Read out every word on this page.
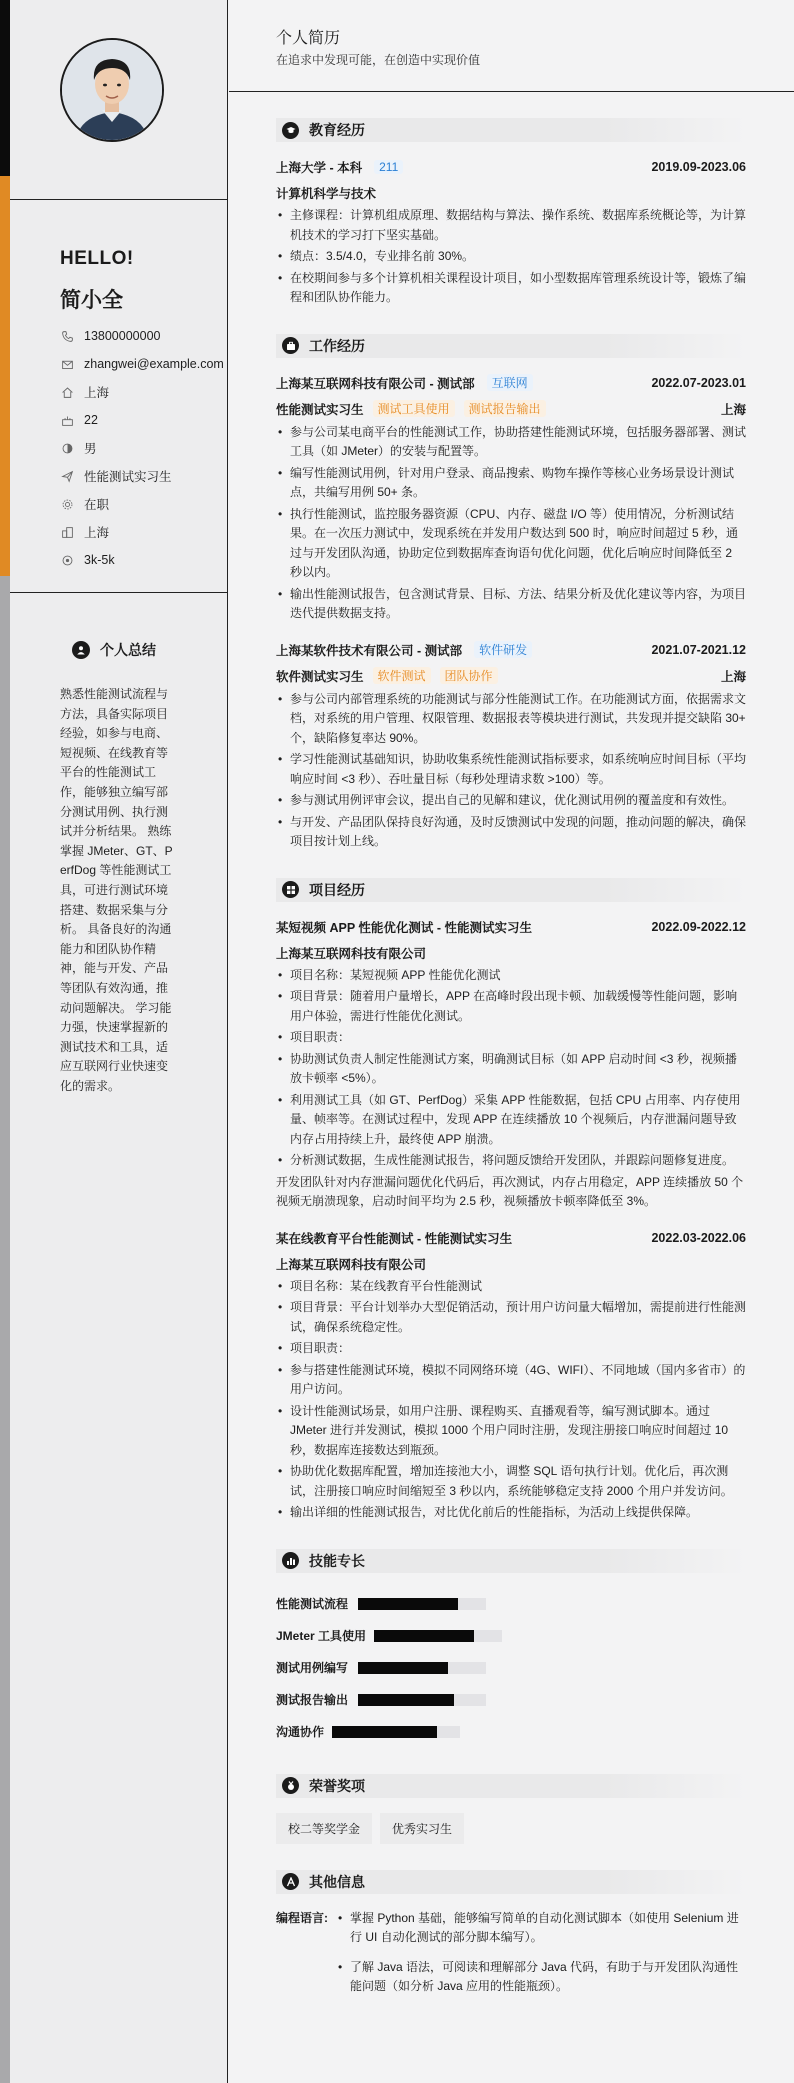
HELLO!
简小全
13800000000
zhangwei@example.com
上海
22
男
性能测试实习生
在职
上海
3k-5k
个人总结
熟悉性能测试流程与方法，具备实际项目经验，如参与电商、短视频、在线教育等平台的性能测试工作，能够独立编写部分测试用例、执行测试并分析结果。 熟练掌握 JMeter、GT、PerfDog 等性能测试工具，可进行测试环境搭建、数据采集与分析。 具备良好的沟通能力和团队协作精神，能与开发、产品等团队有效沟通，推动问题解决。 学习能力强，快速掌握新的测试技术和工具，适应互联网行业快速变化的需求。
个人简历
在追求中发现可能，在创造中实现价值
教育经历
上海大学 - 本科	211	2019.09-2023.06
计算机科学与技术
• 主修课程：计算机组成原理、数据结构与算法、操作系统、数据库系统概论等，为计算机技术的学习打下坚实基础。
• 绩点：3.5/4.0，专业排名前 30%。
• 在校期间参与多个计算机相关课程设计项目，如小型数据库管理系统设计等，锻炼了编程和团队协作能力。
工作经历
上海某互联网科技有限公司 - 测试部	互联网	2022.07-2023.01
性能测试实习生	测试工具使用	测试报告输出	上海
• 参与公司某电商平台的性能测试工作，协助搭建性能测试环境，包括服务器部署、测试工具（如 JMeter）的安装与配置等。
• 编写性能测试用例，针对用户登录、商品搜索、购物车操作等核心业务场景设计测试点，共编写用例 50+ 条。
• 执行性能测试，监控服务器资源（CPU、内存、磁盘 I/O 等）使用情况，分析测试结果。在一次压力测试中，发现系统在并发用户数达到 500 时，响应时间超过 5 秒，通过与开发团队沟通，协助定位到数据库查询语句优化问题，优化后响应时间降低至 2 秒以内。
• 输出性能测试报告，包含测试背景、目标、方法、结果分析及优化建议等内容，为项目迭代提供数据支持。
上海某软件技术有限公司 - 测试部	软件研发	2021.07-2021.12
软件测试实习生	软件测试	团队协作	上海
• 参与公司内部管理系统的功能测试与部分性能测试工作。在功能测试方面，依据需求文档，对系统的用户管理、权限管理、数据报表等模块进行测试，共发现并提交缺陷 30+ 个，缺陷修复率达 90%。
• 学习性能测试基础知识，协助收集系统性能测试指标要求，如系统响应时间目标（平均响应时间 <3 秒）、吞吐量目标（每秒处理请求数 >100）等。
• 参与测试用例评审会议，提出自己的见解和建议，优化测试用例的覆盖度和有效性。
• 与开发、产品团队保持良好沟通，及时反馈测试中发现的问题，推动问题的解决，确保项目按计划上线。
项目经历
某短视频 APP 性能优化测试 - 性能测试实习生	2022.09-2022.12
上海某互联网科技有限公司
• 项目名称：某短视频 APP 性能优化测试
• 项目背景：随着用户量增长，APP 在高峰时段出现卡顿、加载缓慢等性能问题，影响用户体验，需进行性能优化测试。
• 项目职责：
• 协助测试负责人制定性能测试方案，明确测试目标（如 APP 启动时间 <3 秒，视频播放卡顿率 <5%）。
• 利用测试工具（如 GT、PerfDog）采集 APP 性能数据，包括 CPU 占用率、内存使用量、帧率等。在测试过程中，发现 APP 在连续播放 10 个视频后，内存泄漏问题导致内存占用持续上升，最终使 APP 崩溃。
• 分析测试数据，生成性能测试报告，将问题反馈给开发团队，并跟踪问题修复进度。
开发团队针对内存泄漏问题优化代码后，再次测试，内存占用稳定，APP 连续播放 50 个视频无崩溃现象，启动时间平均为 2.5 秒，视频播放卡顿率降低至 3%。
某在线教育平台性能测试 - 性能测试实习生	2022.03-2022.06
上海某互联网科技有限公司
• 项目名称：某在线教育平台性能测试
• 项目背景：平台计划举办大型促销活动，预计用户访问量大幅增加，需提前进行性能测试，确保系统稳定性。
• 项目职责：
• 参与搭建性能测试环境，模拟不同网络环境（4G、WIFI）、不同地域（国内多省市）的用户访问。
• 设计性能测试场景，如用户注册、课程购买、直播观看等，编写测试脚本。通过 JMeter 进行并发测试，模拟 1000 个用户同时注册，发现注册接口响应时间超过 10 秒，数据库连接数达到瓶颈。
• 协助优化数据库配置，增加连接池大小，调整 SQL 语句执行计划。优化后，再次测试，注册接口响应时间缩短至 3 秒以内，系统能够稳定支持 2000 个用户并发访问。
• 输出详细的性能测试报告，对比优化前后的性能指标，为活动上线提供保障。
技能专长
性能测试流程
JMeter 工具使用
测试用例编写
测试报告输出
沟通协作
荣誉奖项
校二等奖学金	优秀实习生
其他信息
编程语言:
•	掌握 Python 基础，能够编写简单的自动化测试脚本（如使用 Selenium 进行 UI 自动化测试的部分脚本编写）。
• 了解 Java 语法，可阅读和理解部分 Java 代码，有助于与开发团队沟通性能问题（如分析 Java 应用的性能瓶颈）。
